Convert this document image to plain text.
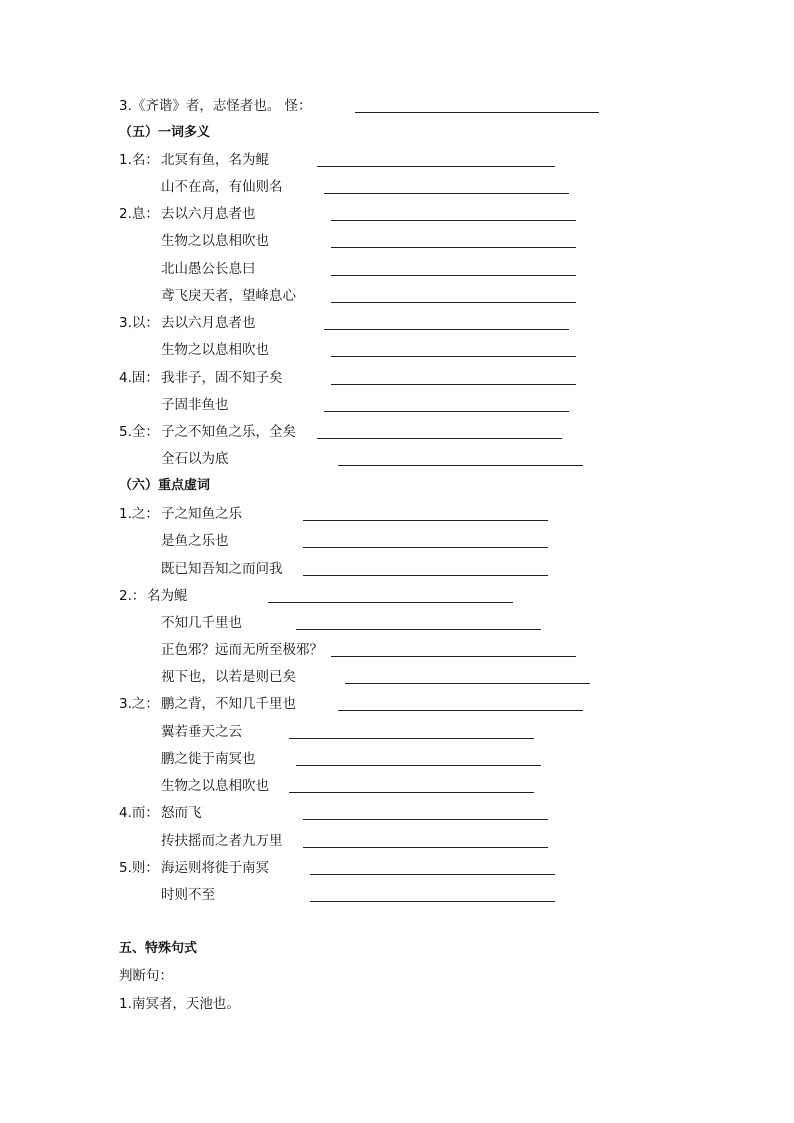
3.《齐谐》者，志怪者也。 怪：
（五）一词多义
1.名： 北冥有鱼，名为鲲
山不在高，有仙则名
2.息： 去以六月息者也
生物之以息相吹也
北山愚公长息曰
鸢飞戾天者，望峰息心
3.以： 去以六月息者也
生物之以息相吹也
4.固： 我非子，固不知子矣
子固非鱼也
5.全： 子之不知鱼之乐，全矣
全石以为底
（六）重点虚词
1.之： 子之知鱼之乐
是鱼之乐也
既已知吾知之而问我
2.： 名为鲲
不知几千里也
正色邪？远而无所至极邪？
视下也，以若是则已矣
3.之： 鹏之背，不知几千里也
翼若垂天之云
鹏之徙于南冥也
生物之以息相吹也
4.而： 怒而飞
抟扶摇而之者九万里
5.则： 海运则将徙于南冥
时则不至
五、特殊句式
判断句：
1.南冥者，天池也。
